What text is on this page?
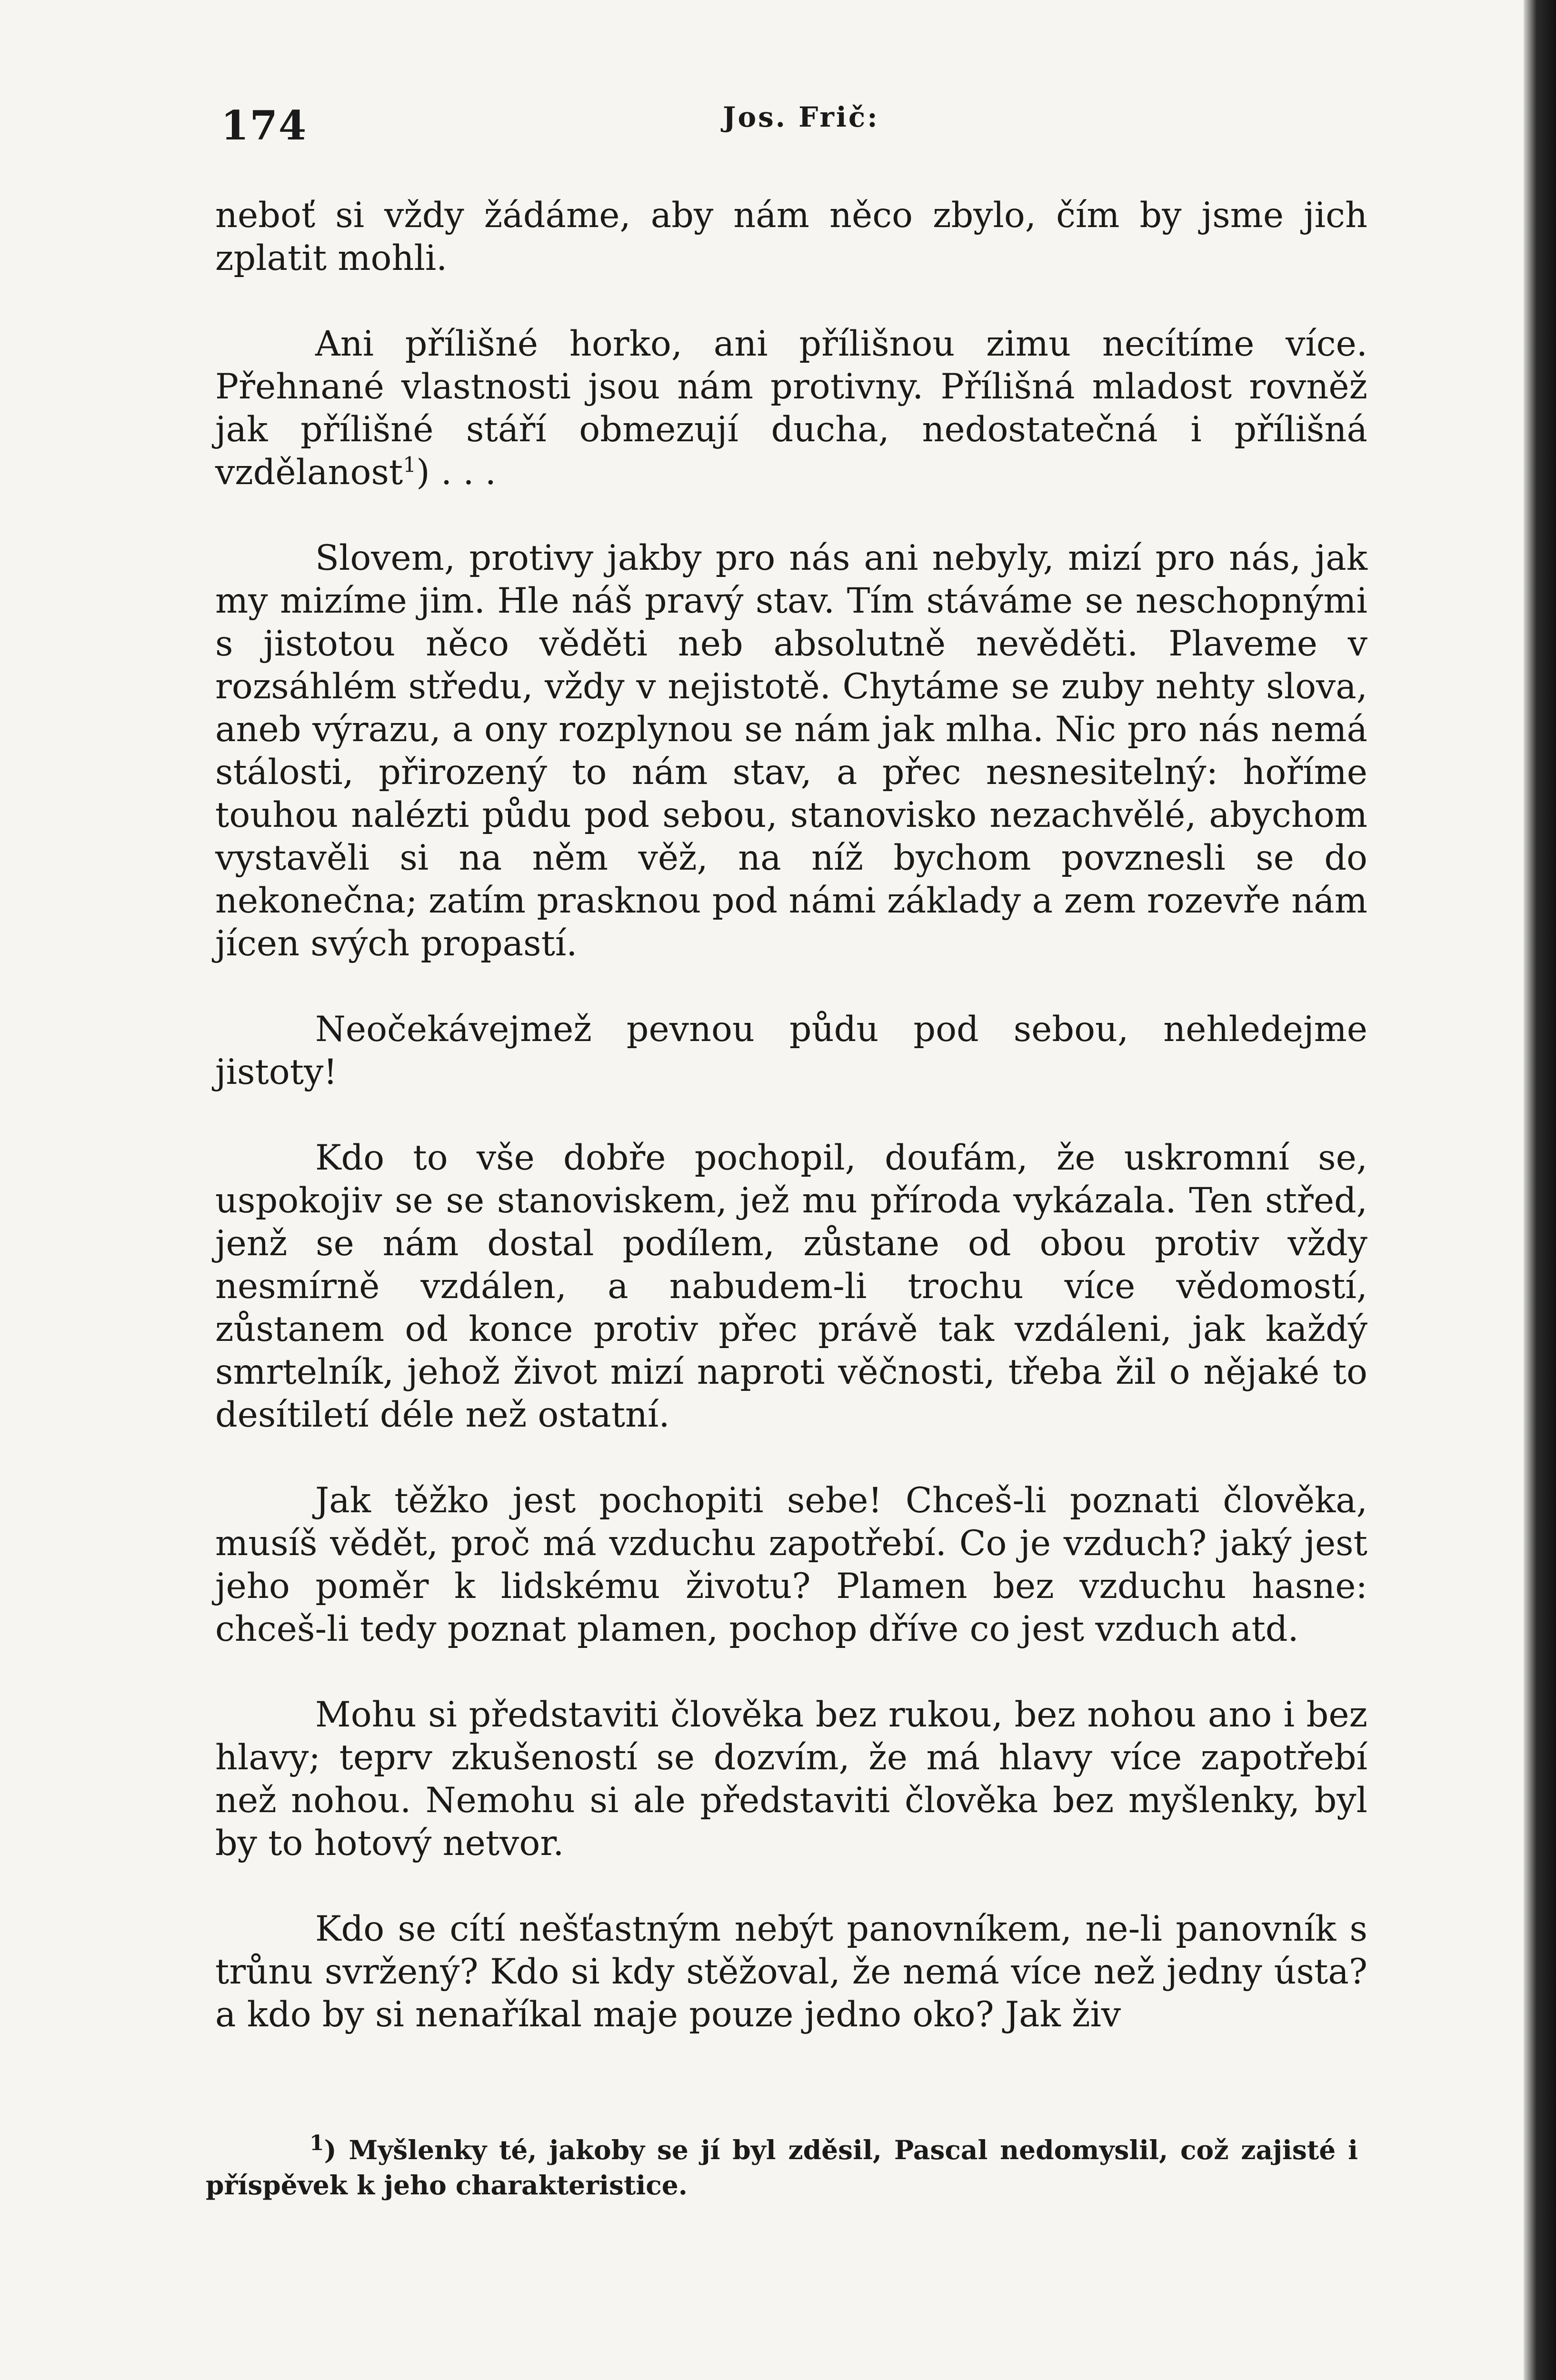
174	Jos. Frič:

neboť si vždy žádáme, aby nám něco zbylo, čím by jsme jich zplatit mohli.

Ani přílišné horko, ani přílišnou zimu necítíme více. Přehnané vlastnosti jsou nám protivny. Přílišná mladost rovněž jak přílišné stáří obmezují ducha, nedostatečná i přílišná vzdělanost$^1$) . . .

Slovem, protivy jakby pro nás ani nebyly, mizí pro nás, jak my mizíme jim. Hle náš pravý stav. Tím stáváme se neschopnými s jistotou něco věděti neb absolutně nevěděti. Plaveme v rozsáhlém středu, vždy v nejistotě. Chytáme se zuby nehty slova, aneb výrazu, a ony rozplynou se nám jak mlha. Nic pro nás nemá stálosti, přirozený to nám stav, a přec nesnesitelný: hoříme touhou nalézti půdu pod sebou, stanovisko nezachvělé, abychom vystavěli si na něm věž, na níž bychom povznesli se do nekonečna; zatím prasknou pod námi základy a zem rozevře nám jícen svých propastí.

Neočekávejmež pevnou půdu pod sebou, nehledejme jistoty!

Kdo to vše dobře pochopil, doufám, že uskromní se, uspokojiv se se stanoviskem, jež mu příroda vykázala. Ten střed, jenž se nám dostal podílem, zůstane od obou protiv vždy nesmírně vzdálen, a nabudem-li trochu více vědomostí, zůstanem od konce protiv přec právě tak vzdáleni, jak každý smrtelník, jehož život mizí naproti věčnosti, třeba žil o nějaké to desítiletí déle než ostatní.

Jak těžko jest pochopiti sebe! Chceš-li poznati člověka, musíš vědět, proč má vzduchu zapotřebí. Co je vzduch? jaký jest jeho poměr k lidskému životu? Plamen bez vzduchu hasne: chceš-li tedy poznat plamen, pochop dříve co jest vzduch atd.

Mohu si představiti člověka bez rukou, bez nohou ano i bez hlavy; teprv zkušeností se dozvím, že má hlavy více zapotřebí než nohou. Nemohu si ale představiti člověka bez myšlenky, byl by to hotový netvor.

Kdo se cítí nešťastným nebýt panovníkem, ne-li panovník s trůnu svržený? Kdo si kdy stěžoval, že nemá více než jedny ústa? a kdo by si nenaříkal maje pouze jedno oko? Jak živ

$^1$) Myšlenky té, jakoby se jí byl zděsil, Pascal nedomyslil, což zajisté i příspěvek k jeho charakteristice.
